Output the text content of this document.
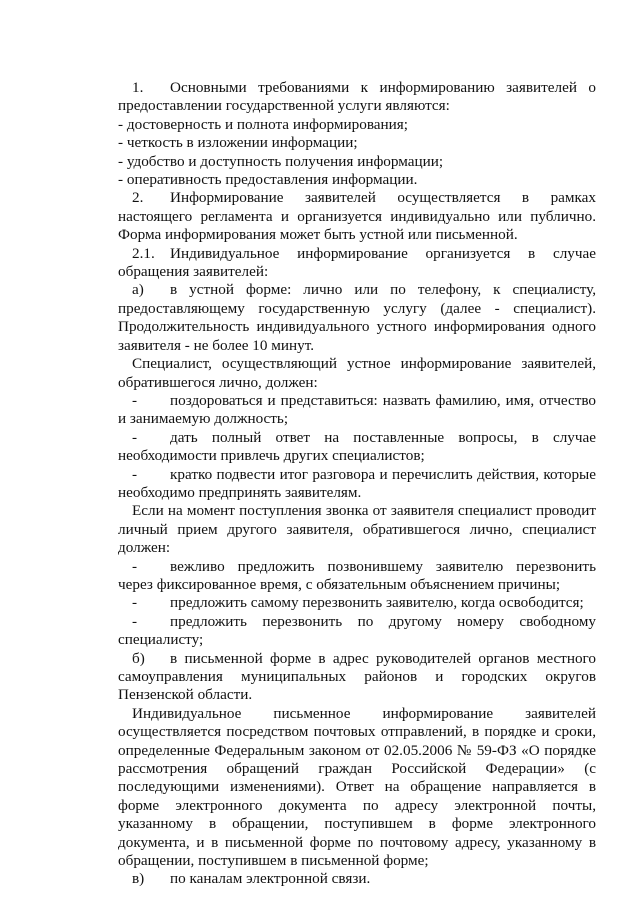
1. Основными требованиями к информированию заявителей о предоставлении государственной услуги являются:

- достоверность и полнота информирования;

- четкость в изложении информации;

- удобство и доступность получения информации;

- оперативность предоставления информации.

2. Информирование заявителей осуществляется в рамках настоящего регламента и организуется индивидуально или публично. Форма информирования может быть устной или письменной.

2.1. Индивидуальное информирование организуется в случае обращения заявителей:

а) в устной форме: лично или по телефону, к специалисту, предоставляющему государственную услугу (далее - специалист). Продолжительность индивидуального устного информирования одного заявителя - не более 10 минут.

Специалист, осуществляющий устное информирование заявителей, обратившегося лично, должен:

- поздороваться и представиться: назвать фамилию, имя, отчество и занимаемую должность;

- дать полный ответ на поставленные вопросы, в случае необходимости привлечь других специалистов;

- кратко подвести итог разговора и перечислить действия, которые необходимо предпринять заявителям.

Если на момент поступления звонка от заявителя специалист проводит личный прием другого заявителя, обратившегося лично, специалист должен:

- вежливо предложить позвонившему заявителю перезвонить через фиксированное время, с обязательным объяснением причины;

- предложить самому перезвонить заявителю, когда освободится;

- предложить перезвонить по другому номеру свободному специалисту;

б) в письменной форме в адрес руководителей органов местного самоуправления муниципальных районов и городских округов Пензенской области.

Индивидуальное письменное информирование заявителей осуществляется посредством почтовых отправлений, в порядке и сроки, определенные Федеральным законом от 02.05.2006 № 59-ФЗ «О порядке рассмотрения обращений граждан Российской Федерации» (с последующими изменениями). Ответ на обращение направляется в форме электронного документа по адресу электронной почты, указанному в обращении, поступившем в форме электронного документа, и в письменной форме по почтовому адресу, указанному в обращении, поступившем в письменной форме;

в) по каналам электронной связи.
